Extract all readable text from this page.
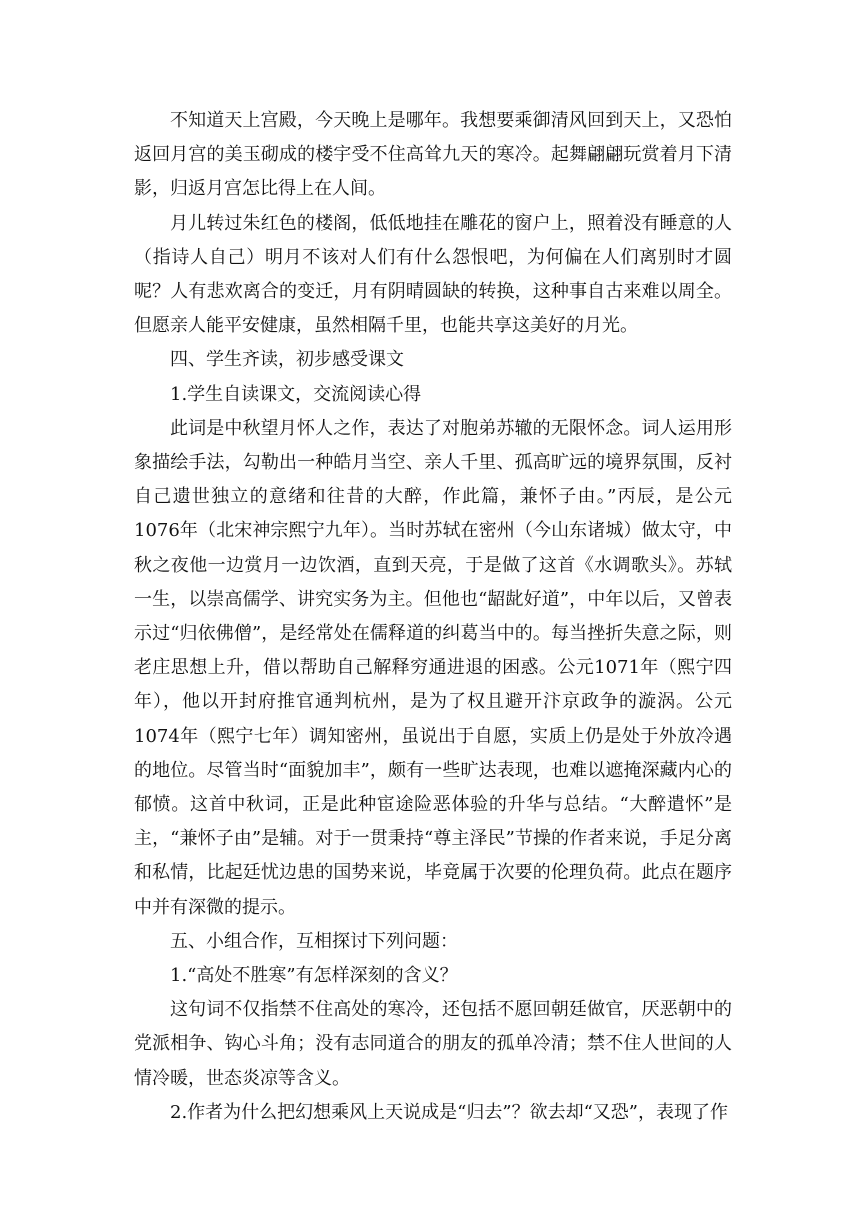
不知道天上宫殿，今天晚上是哪年。我想要乘御清风回到天上，又恐怕返回月宫的美玉砌成的楼宇受不住高耸九天的寒冷。起舞翩翩玩赏着月下清影，归返月宫怎比得上在人间。

月儿转过朱红色的楼阁，低低地挂在雕花的窗户上，照着没有睡意的人（指诗人自己）明月不该对人们有什么怨恨吧，为何偏在人们离别时才圆呢？人有悲欢离合的变迁，月有阴晴圆缺的转换，这种事自古来难以周全。但愿亲人能平安健康，虽然相隔千里，也能共享这美好的月光。

四、学生齐读，初步感受课文

1.学生自读课文，交流阅读心得

此词是中秋望月怀人之作，表达了对胞弟苏辙的无限怀念。词人运用形象描绘手法，勾勒出一种皓月当空、亲人千里、孤高旷远的境界氛围，反衬自己遗世独立的意绪和往昔的大醉，作此篇，兼怀子由。”丙辰，是公元1076年（北宋神宗熙宁九年）。当时苏轼在密州（今山东诸城）做太守，中秋之夜他一边赏月一边饮酒，直到天亮，于是做了这首《水调歌头》。苏轼一生，以崇高儒学、讲究实务为主。但他也“龆龀好道”，中年以后，又曾表示过“归依佛僧”，是经常处在儒释道的纠葛当中的。每当挫折失意之际，则老庄思想上升，借以帮助自己解释穷通进退的困惑。公元1071年（熙宁四年），他以开封府推官通判杭州，是为了权且避开汴京政争的漩涡。公元1074年（熙宁七年）调知密州，虽说出于自愿，实质上仍是处于外放冷遇的地位。尽管当时“面貌加丰”，颇有一些旷达表现，也难以遮掩深藏内心的郁愤。这首中秋词，正是此种宦途险恶体验的升华与总结。“大醉遣怀”是主，“兼怀子由”是辅。对于一贯秉持“尊主泽民”节操的作者来说，手足分离和私情，比起廷忧边患的国势来说，毕竟属于次要的伦理负荷。此点在题序中并有深微的提示。

五、小组合作，互相探讨下列问题：

1.“高处不胜寒”有怎样深刻的含义？

这句词不仅指禁不住高处的寒冷，还包括不愿回朝廷做官，厌恶朝中的党派相争、钩心斗角；没有志同道合的朋友的孤单冷清；禁不住人世间的人情冷暖，世态炎凉等含义。

2.作者为什么把幻想乘风上天说成是“归去”？欲去却“又恐”，表现了作
